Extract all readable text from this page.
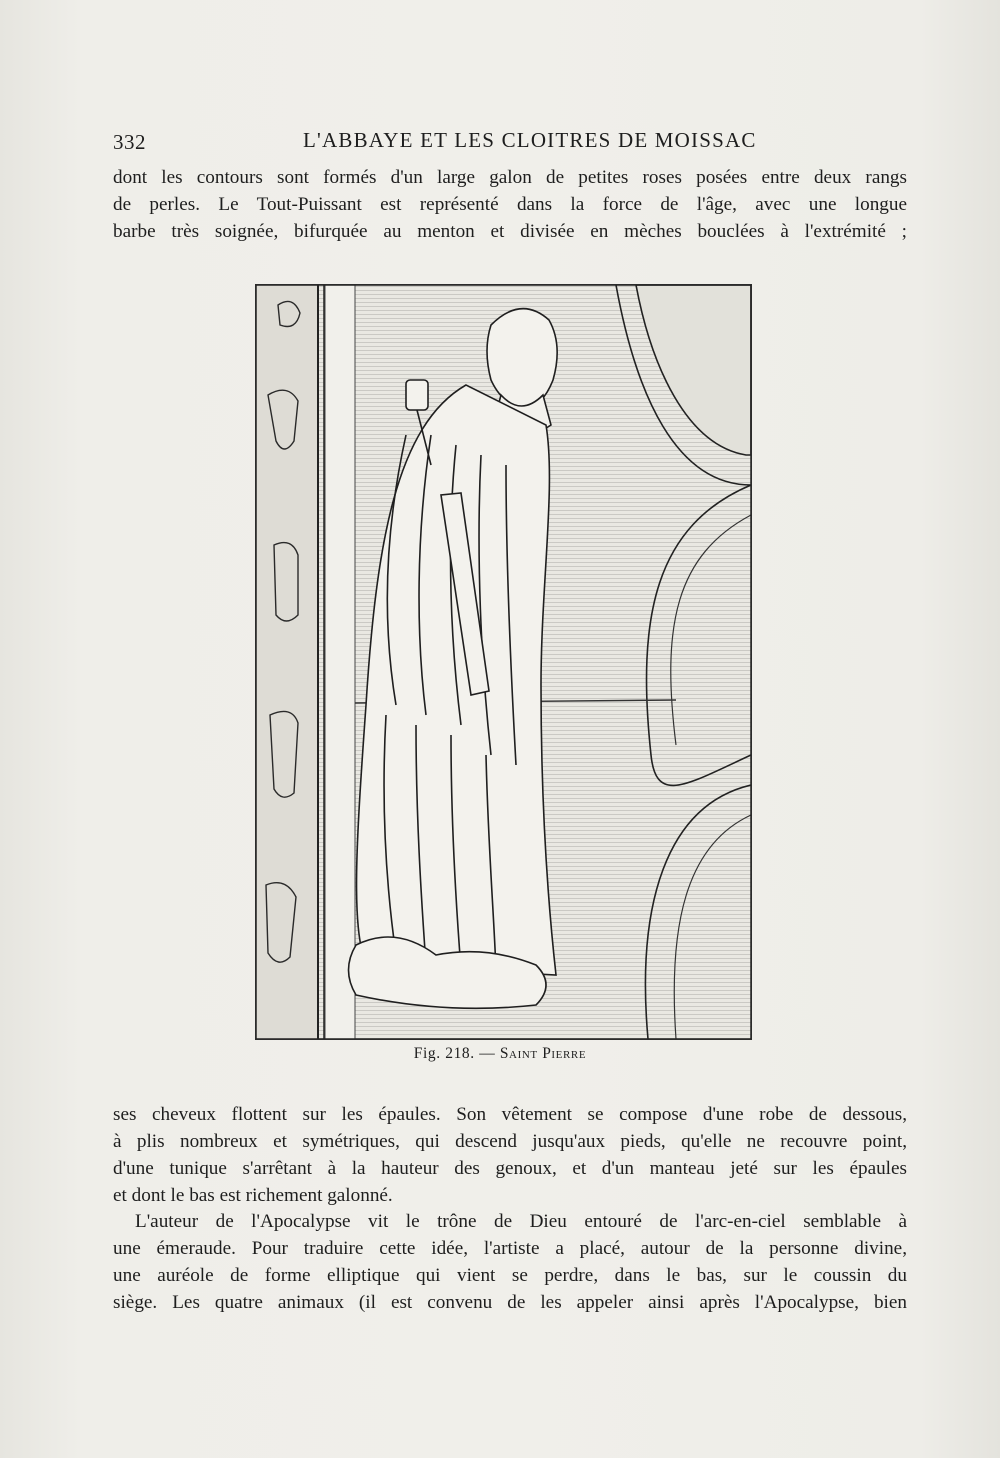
332	L'ABBAYE ET LES CLOITRES DE MOISSAC
dont les contours sont formés d'un large galon de petites roses posées entre deux rangs
de perles. Le Tout-Puissant est représenté dans la force de l'âge, avec une longue
barbe très soignée, bifurquée au menton et divisée en mèches bouclées à l'extrémité ;
Fig. 218. — Saint Pierre
ses cheveux flottent sur les épaules. Son vêtement se compose d'une robe de dessous,
à plis nombreux et symétriques, qui descend jusqu'aux pieds, qu'elle ne recouvre point,
d'une tunique s'arrêtant à la hauteur des genoux, et d'un manteau jeté sur les épaules
et dont le bas est richement galonné.
L'auteur de l'Apocalypse vit le trône de Dieu entouré de l'arc-en-ciel semblable à
une émeraude. Pour traduire cette idée, l'artiste a placé, autour de la personne divine,
une auréole de forme elliptique qui vient se perdre, dans le bas, sur le coussin du
siège. Les quatre animaux (il est convenu de les appeler ainsi après l'Apocalypse, bien
